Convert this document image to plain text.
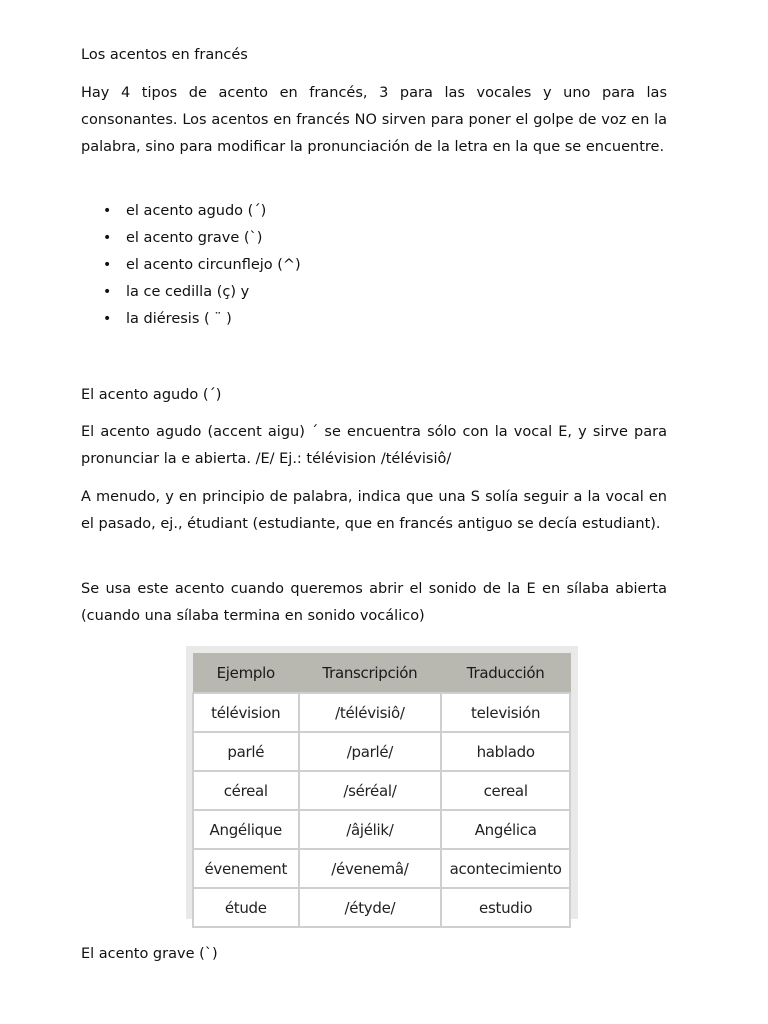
Los acentos en francés

Hay 4 tipos de acento en francés, 3 para las vocales y uno para las consonantes. Los acentos en francés NO sirven para poner el golpe de voz en la palabra, sino para modificar la pronunciación de la letra en la que se encuentre.

• el acento agudo (´)
• el acento grave (`)
• el acento circunflejo (^)
• la ce cedilla (ç) y
• la diéresis ( ¨ )

El acento agudo (´)

El acento agudo (accent aigu) ´ se encuentra sólo con la vocal E, y sirve para pronunciar la e abierta. /E/ Ej.: télévision /télévisiô/

A menudo, y en principio de palabra, indica que una S solía seguir a la vocal en el pasado, ej., étudiant (estudiante, que en francés antiguo se decía estudiant).

Se usa este acento cuando queremos abrir el sonido de la E en sílaba abierta (cuando una sílaba termina en sonido vocálico)

Ejemplo	Transcripción	Traducción
télévision	/télévisiô/	televisión
parlé	/parlé/	hablado
céreal	/séréal/	cereal
Angélique	/âjélik/	Angélica
évenement	/évenemâ/	acontecimiento
étude	/étyde/	estudio

El acento grave (`)
